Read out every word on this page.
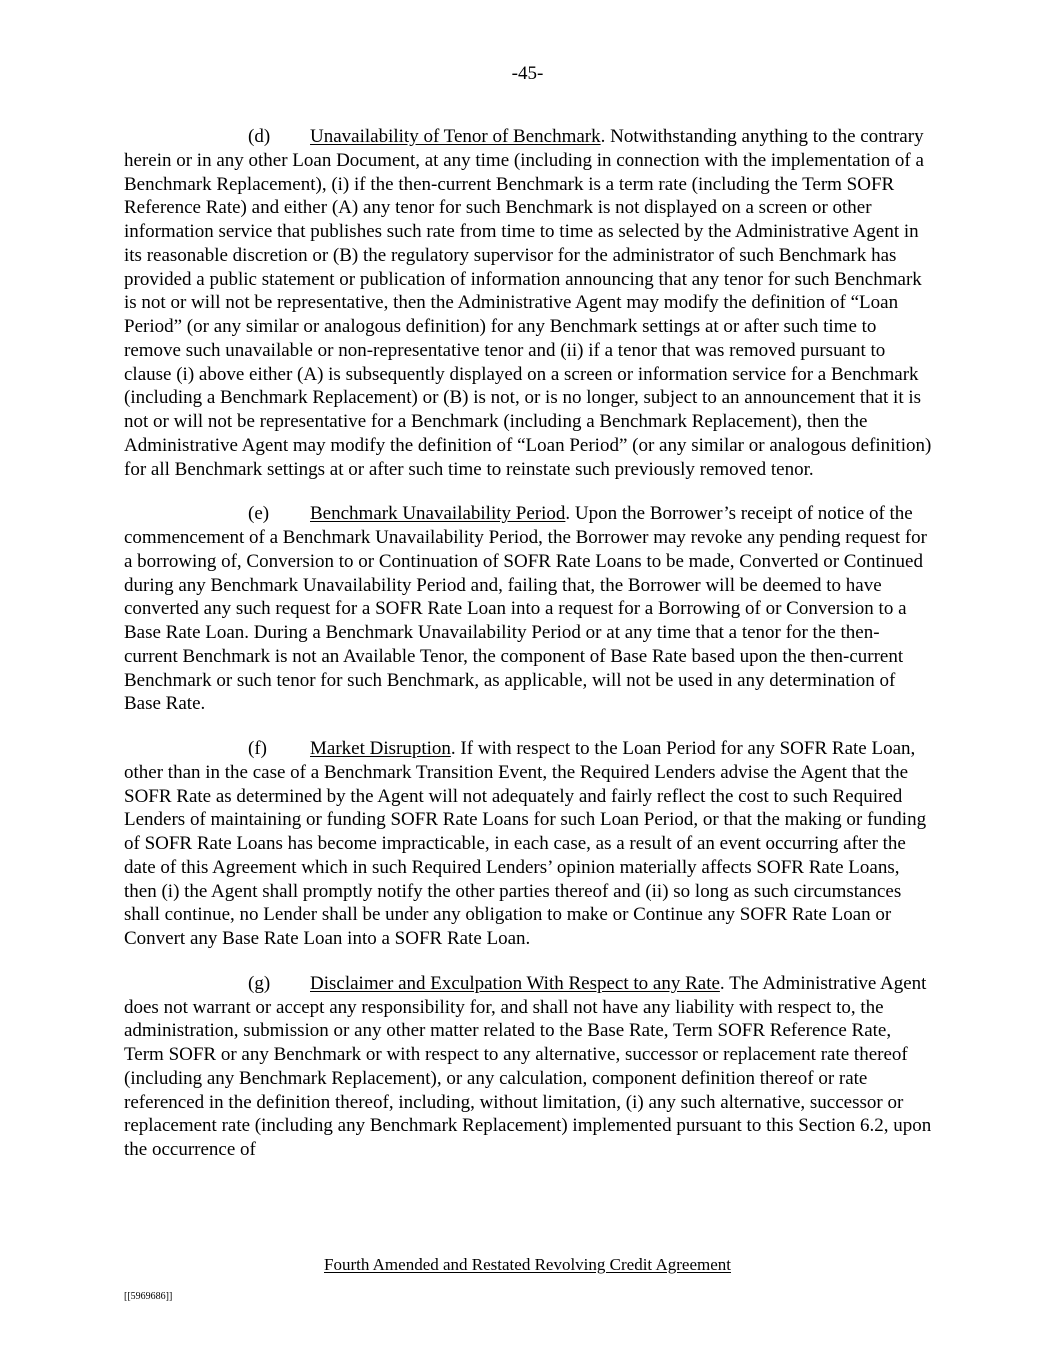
-45-

(d) Unavailability of Tenor of Benchmark. Notwithstanding anything to the contrary herein or in any other Loan Document, at any time (including in connection with the implementation of a Benchmark Replacement), (i) if the then-current Benchmark is a term rate (including the Term SOFR Reference Rate) and either (A) any tenor for such Benchmark is not displayed on a screen or other information service that publishes such rate from time to time as selected by the Administrative Agent in its reasonable discretion or (B) the regulatory supervisor for the administrator of such Benchmark has provided a public statement or publication of information announcing that any tenor for such Benchmark is not or will not be representative, then the Administrative Agent may modify the definition of “Loan Period” (or any similar or analogous definition) for any Benchmark settings at or after such time to remove such unavailable or non-representative tenor and (ii) if a tenor that was removed pursuant to clause (i) above either (A) is subsequently displayed on a screen or information service for a Benchmark (including a Benchmark Replacement) or (B) is not, or is no longer, subject to an announcement that it is not or will not be representative for a Benchmark (including a Benchmark Replacement), then the Administrative Agent may modify the definition of “Loan Period” (or any similar or analogous definition) for all Benchmark settings at or after such time to reinstate such previously removed tenor.

(e) Benchmark Unavailability Period. Upon the Borrower’s receipt of notice of the commencement of a Benchmark Unavailability Period, the Borrower may revoke any pending request for a borrowing of, Conversion to or Continuation of SOFR Rate Loans to be made, Converted or Continued during any Benchmark Unavailability Period and, failing that, the Borrower will be deemed to have converted any such request for a SOFR Rate Loan into a request for a Borrowing of or Conversion to a Base Rate Loan. During a Benchmark Unavailability Period or at any time that a tenor for the then-current Benchmark is not an Available Tenor, the component of Base Rate based upon the then-current Benchmark or such tenor for such Benchmark, as applicable, will not be used in any determination of Base Rate.

(f) Market Disruption. If with respect to the Loan Period for any SOFR Rate Loan, other than in the case of a Benchmark Transition Event, the Required Lenders advise the Agent that the SOFR Rate as determined by the Agent will not adequately and fairly reflect the cost to such Required Lenders of maintaining or funding SOFR Rate Loans for such Loan Period, or that the making or funding of SOFR Rate Loans has become impracticable, in each case, as a result of an event occurring after the date of this Agreement which in such Required Lenders’ opinion materially affects SOFR Rate Loans, then (i) the Agent shall promptly notify the other parties thereof and (ii) so long as such circumstances shall continue, no Lender shall be under any obligation to make or Continue any SOFR Rate Loan or Convert any Base Rate Loan into a SOFR Rate Loan.

(g) Disclaimer and Exculpation With Respect to any Rate. The Administrative Agent does not warrant or accept any responsibility for, and shall not have any liability with respect to, the administration, submission or any other matter related to the Base Rate, Term SOFR Reference Rate, Term SOFR or any Benchmark or with respect to any alternative, successor or replacement rate thereof (including any Benchmark Replacement), or any calculation, component definition thereof or rate referenced in the definition thereof, including, without limitation, (i) any such alternative, successor or replacement rate (including any Benchmark Replacement) implemented pursuant to this Section 6.2, upon the occurrence of

Fourth Amended and Restated Revolving Credit Agreement
[[5969686]]
